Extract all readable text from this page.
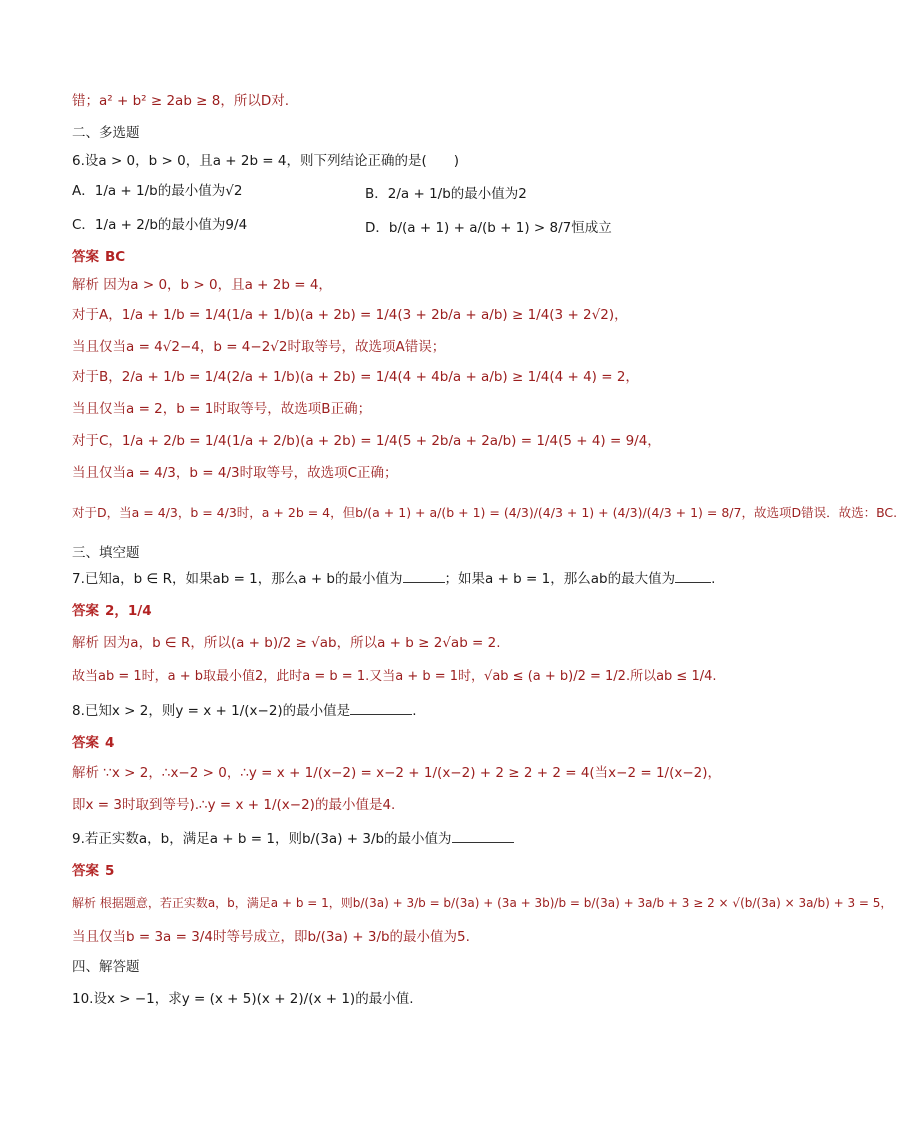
错；a² + b² ≥ 2ab ≥ 8，所以D对.
二、多选题
6.设a > 0，b > 0，且a + 2b = 4，则下列结论正确的是(　　)
A．1/a + 1/b的最小值为√2	B．2/a + 1/b的最小值为2
C．1/a + 2/b的最小值为9/4	D．b/(a + 1) + a/(b + 1) > 8/7恒成立
答案 BC
解析 因为a > 0，b > 0，且a + 2b = 4，
对于A，1/a + 1/b = 1/4(1/a + 1/b)(a + 2b) = 1/4(3 + 2b/a + a/b) ≥ 1/4(3 + 2√2)，
当且仅当a = 4√2−4，b = 4−2√2时取等号，故选项A错误；
对于B，2/a + 1/b = 1/4(2/a + 1/b)(a + 2b) = 1/4(4 + 4b/a + a/b) ≥ 1/4(4 + 4) = 2，
当且仅当a = 2，b = 1时取等号，故选项B正确；
对于C，1/a + 2/b = 1/4(1/a + 2/b)(a + 2b) = 1/4(5 + 2b/a + 2a/b) = 1/4(5 + 4) = 9/4，
当且仅当a = 4/3，b = 4/3时取等号，故选项C正确；
对于D，当a = 4/3，b = 4/3时，a + 2b = 4，但b/(a + 1) + a/(b + 1) = (4/3)/(4/3 + 1) + (4/3)/(4/3 + 1) = 8/7，故选项D错误．故选：BC.
三、填空题
7.已知a，b ∈ R，如果ab = 1，那么a + b的最小值为	；如果a + b = 1，那么ab的最大值为	.
答案 2，1/4
解析 因为a，b ∈ R，所以(a + b)/2 ≥ √ab，所以a + b ≥ 2√ab = 2.
故当ab = 1时，a + b取最小值2，此时a = b = 1.又当a + b = 1时，√ab ≤ (a + b)/2 = 1/2.所以ab ≤ 1/4.
8.已知x > 2，则y = x + 1/(x−2)的最小值是	.
答案 4
解析 ∵x > 2，∴x−2 > 0，∴y = x + 1/(x−2) = x−2 + 1/(x−2) + 2 ≥ 2 + 2 = 4(当x−2 = 1/(x−2)，
即x = 3时取到等号).∴y = x + 1/(x−2)的最小值是4.
9.若正实数a，b，满足a + b = 1，则b/(3a) + 3/b的最小值为
答案 5
解析 根据题意，若正实数a，b，满足a + b = 1，则b/(3a) + 3/b = b/(3a) + (3a + 3b)/b = b/(3a) + 3a/b + 3 ≥ 2 × √(b/(3a) × 3a/b) + 3 = 5，
当且仅当b = 3a = 3/4时等号成立，即b/(3a) + 3/b的最小值为5.
四、解答题
10.设x > −1，求y = (x + 5)(x + 2)/(x + 1)的最小值.
